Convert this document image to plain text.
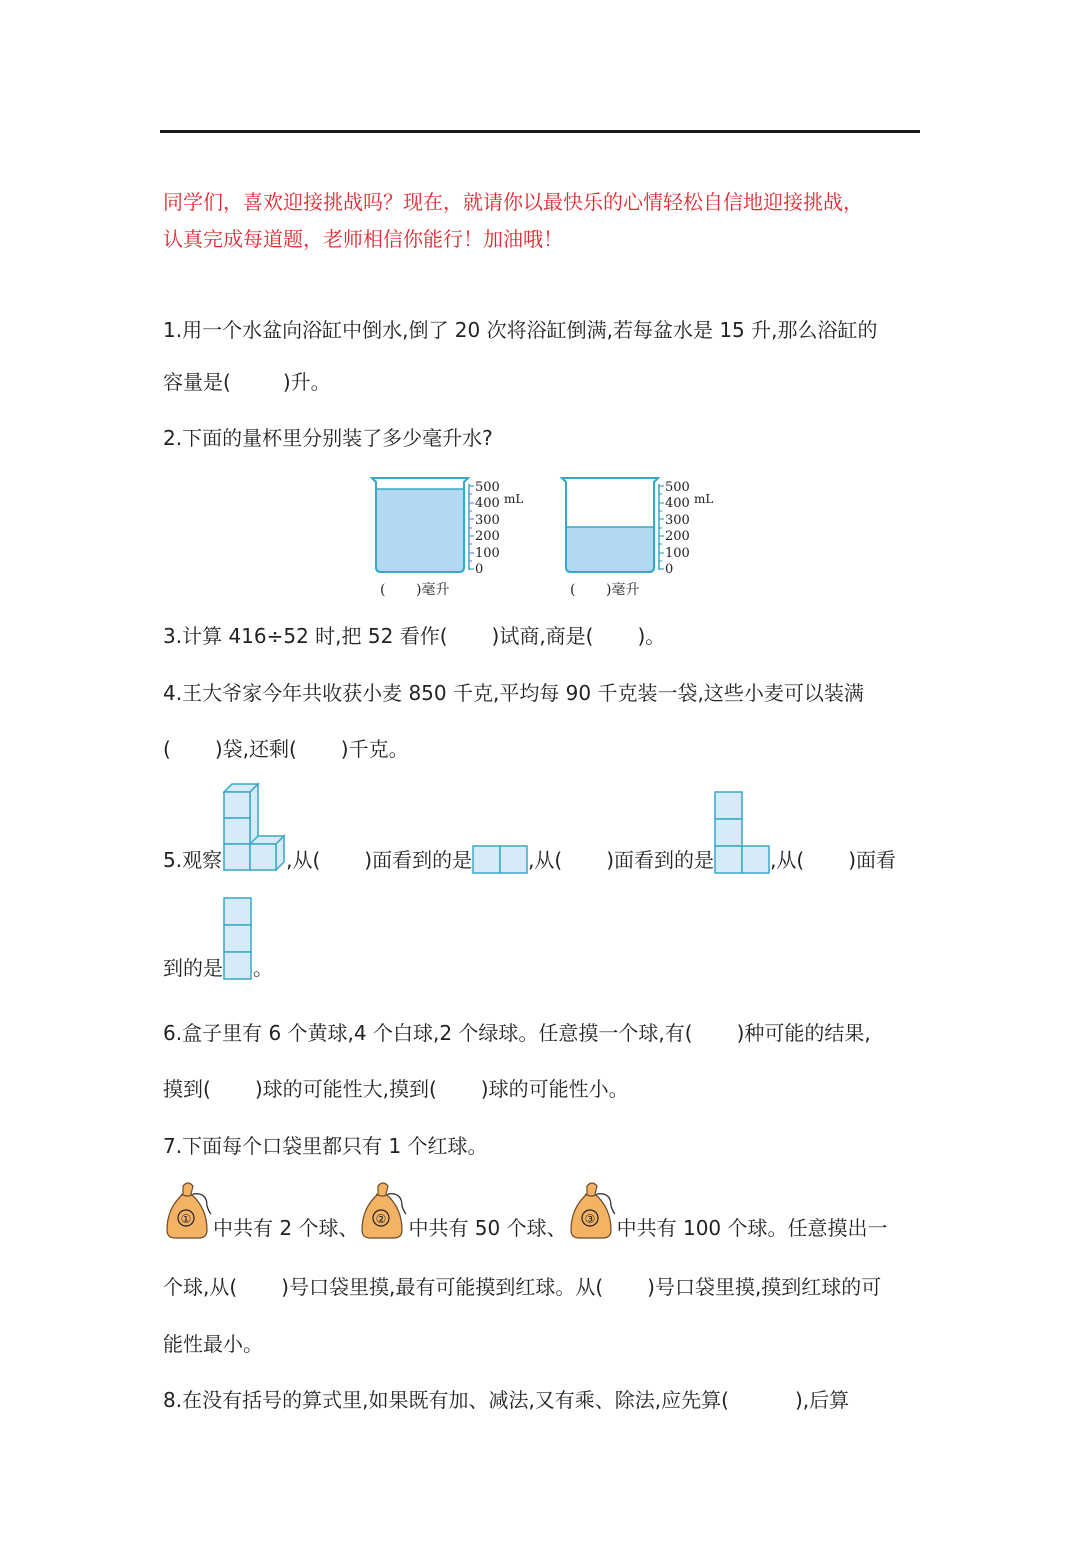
同学们，喜欢迎接挑战吗？现在，就请你以最快乐的心情轻松自信地迎接挑战，
认真完成每道题，老师相信你能行！加油哦！
1.用一个水盆向浴缸中倒水,倒了 20 次将浴缸倒满,若每盆水是 15 升,那么浴缸的
容量是(	)升。
2.下面的量杯里分别装了多少毫升水?
500
400
300
200
100
0
mL
( )毫升
500
400
300
200
100
0
mL
( )毫升
3.计算 416÷52 时,把 52 看作( )试商,商是( )。
4.王大爷家今年共收获小麦 850 千克,平均每 90 千克装一袋,这些小麦可以装满
( )袋,还剩( )千克。
5.观察	,从( )面看到的是	,从( )面看到的是	,从( )面看
到的是 。
6.盒子里有 6 个黄球,4 个白球,2 个绿球。任意摸一个球,有( )种可能的结果,
摸到( )球的可能性大,摸到( )球的可能性小。
7.下面每个口袋里都只有 1 个红球。
① 中共有 2 个球、 ② 中共有 50 个球、 ③ 中共有 100 个球。任意摸出一
个球,从( )号口袋里摸,最有可能摸到红球。从( )号口袋里摸,摸到红球的可
能性最小。
8.在没有括号的算式里,如果既有加、减法,又有乘、除法,应先算(	),后算
